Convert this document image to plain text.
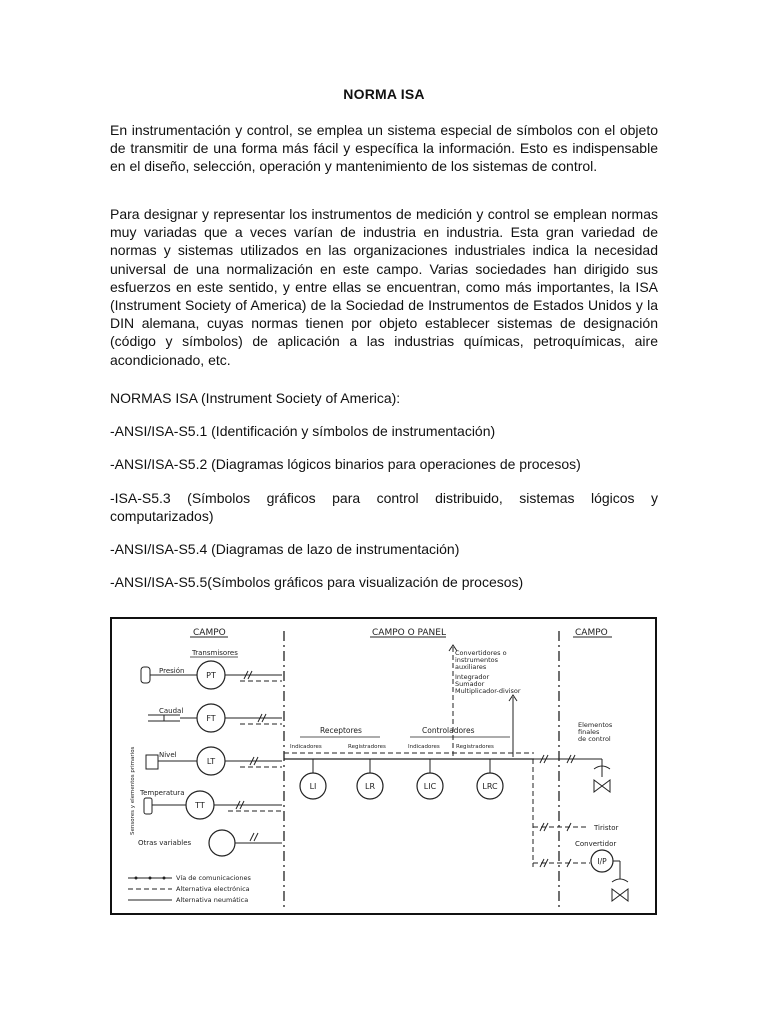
NORMA ISA
En instrumentación y control, se emplea un sistema especial de símbolos con el objeto de transmitir de una forma más fácil y específica la información. Esto es indispensable en el diseño, selección, operación y mantenimiento de los sistemas de control.
Para designar y representar los instrumentos de medición y control se emplean normas muy variadas que a veces varían de industria en industria. Esta gran variedad de normas y sistemas utilizados en las organizaciones industriales indica la necesidad universal de una normalización en este campo. Varias sociedades han dirigido sus esfuerzos en este sentido, y entre ellas se encuentran, como más importantes, la ISA (Instrument Society of America) de la Sociedad de Instrumentos de Estados Unidos y la DIN alemana, cuyas normas tienen por objeto establecer sistemas de designación (código y símbolos) de aplicación a las industrias químicas, petroquímicas, aire acondicionado, etc.
NORMAS ISA (Instrument Society of America):
-ANSI/ISA-S5.1 (Identificación y símbolos de instrumentación)
-ANSI/ISA-S5.2 (Diagramas lógicos binarios para operaciones de procesos)
-ISA-S5.3 (Símbolos gráficos para control distribuido, sistemas lógicos y computarizados)
-ANSI/ISA-S5.4 (Diagramas de lazo de instrumentación)
-ANSI/ISA-S5.5(Símbolos gráficos para visualización de procesos)
CAMPO	CAMPO O PANEL	CAMPO
Transmisores
Sensores y elementos primarios
Presión	PT
Caudal
FT
Nivel
LT
Temperatura
TT
Otras variables
Vía de comunicaciones
Alternativa electrónica
Alternativa neumática
Convertidores o
instrumentos
auxiliares
Integrador
Sumador
Multiplicador-divisor
Receptores	Controladores
Indicadores	Registradores	Indicadores	Registradores
LI	LR	LIC	LRC
Elementos
finales
de control
Tiristor
Convertidor
I/P
